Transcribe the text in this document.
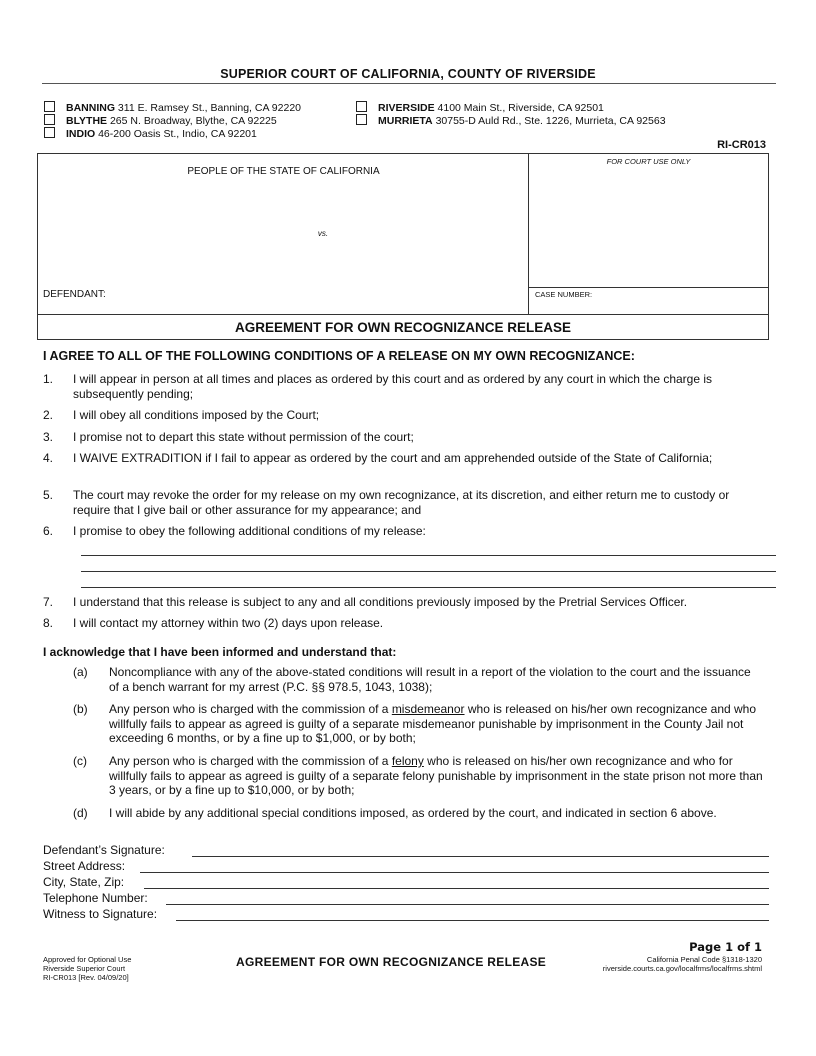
SUPERIOR COURT OF CALIFORNIA, COUNTY OF RIVERSIDE
BANNING 311 E. Ramsey St., Banning, CA 92220
BLYTHE 265 N. Broadway, Blythe, CA 92225
INDIO 46-200 Oasis St., Indio, CA 92201
RIVERSIDE 4100 Main St., Riverside, CA 92501
MURRIETA 30755-D Auld Rd., Ste. 1226, Murrieta, CA 92563
RI-CR013
PEOPLE OF THE STATE OF CALIFORNIA
vs.
DEFENDANT:
FOR COURT USE ONLY
CASE NUMBER:
AGREEMENT FOR OWN RECOGNIZANCE RELEASE
I AGREE TO ALL OF THE FOLLOWING CONDITIONS OF A RELEASE ON MY OWN RECOGNIZANCE:
1. I will appear in person at all times and places as ordered by this court and as ordered by any court in which the charge is subsequently pending;
2. I will obey all conditions imposed by the Court;
3. I promise not to depart this state without permission of the court;
4. I WAIVE EXTRADITION if I fail to appear as ordered by the court and am apprehended outside of the State of California;
5. The court may revoke the order for my release on my own recognizance, at its discretion, and either return me to custody or require that I give bail or other assurance for my appearance; and
6. I promise to obey the following additional conditions of my release:
7. I understand that this release is subject to any and all conditions previously imposed by the Pretrial Services Officer.
8. I will contact my attorney within two (2) days upon release.
I acknowledge that I have been informed and understand that:
(a) Noncompliance with any of the above-stated conditions will result in a report of the violation to the court and the issuance of a bench warrant for my arrest (P.C. §§ 978.5, 1043, 1038);
(b) Any person who is charged with the commission of a misdemeanor who is released on his/her own recognizance and who willfully fails to appear as agreed is guilty of a separate misdemeanor punishable by imprisonment in the County Jail not exceeding 6 months, or by a fine up to $1,000, or by both;
(c) Any person who is charged with the commission of a felony who is released on his/her own recognizance and who for willfully fails to appear as agreed is guilty of a separate felony punishable by imprisonment in the state prison not more than 3 years, or by a fine up to $10,000, or by both;
(d) I will abide by any additional special conditions imposed, as ordered by the court, and indicated in section 6 above.
Defendant’s Signature:
Street Address:
City, State, Zip:
Telephone Number:
Witness to Signature:
Page 1 of 1
Approved for Optional Use
Riverside Superior Court
RI-CR013 [Rev. 04/09/20]
AGREEMENT FOR OWN RECOGNIZANCE RELEASE	California Penal Code §1318-1320
riverside.courts.ca.gov/localfrms/localfrms.shtml
